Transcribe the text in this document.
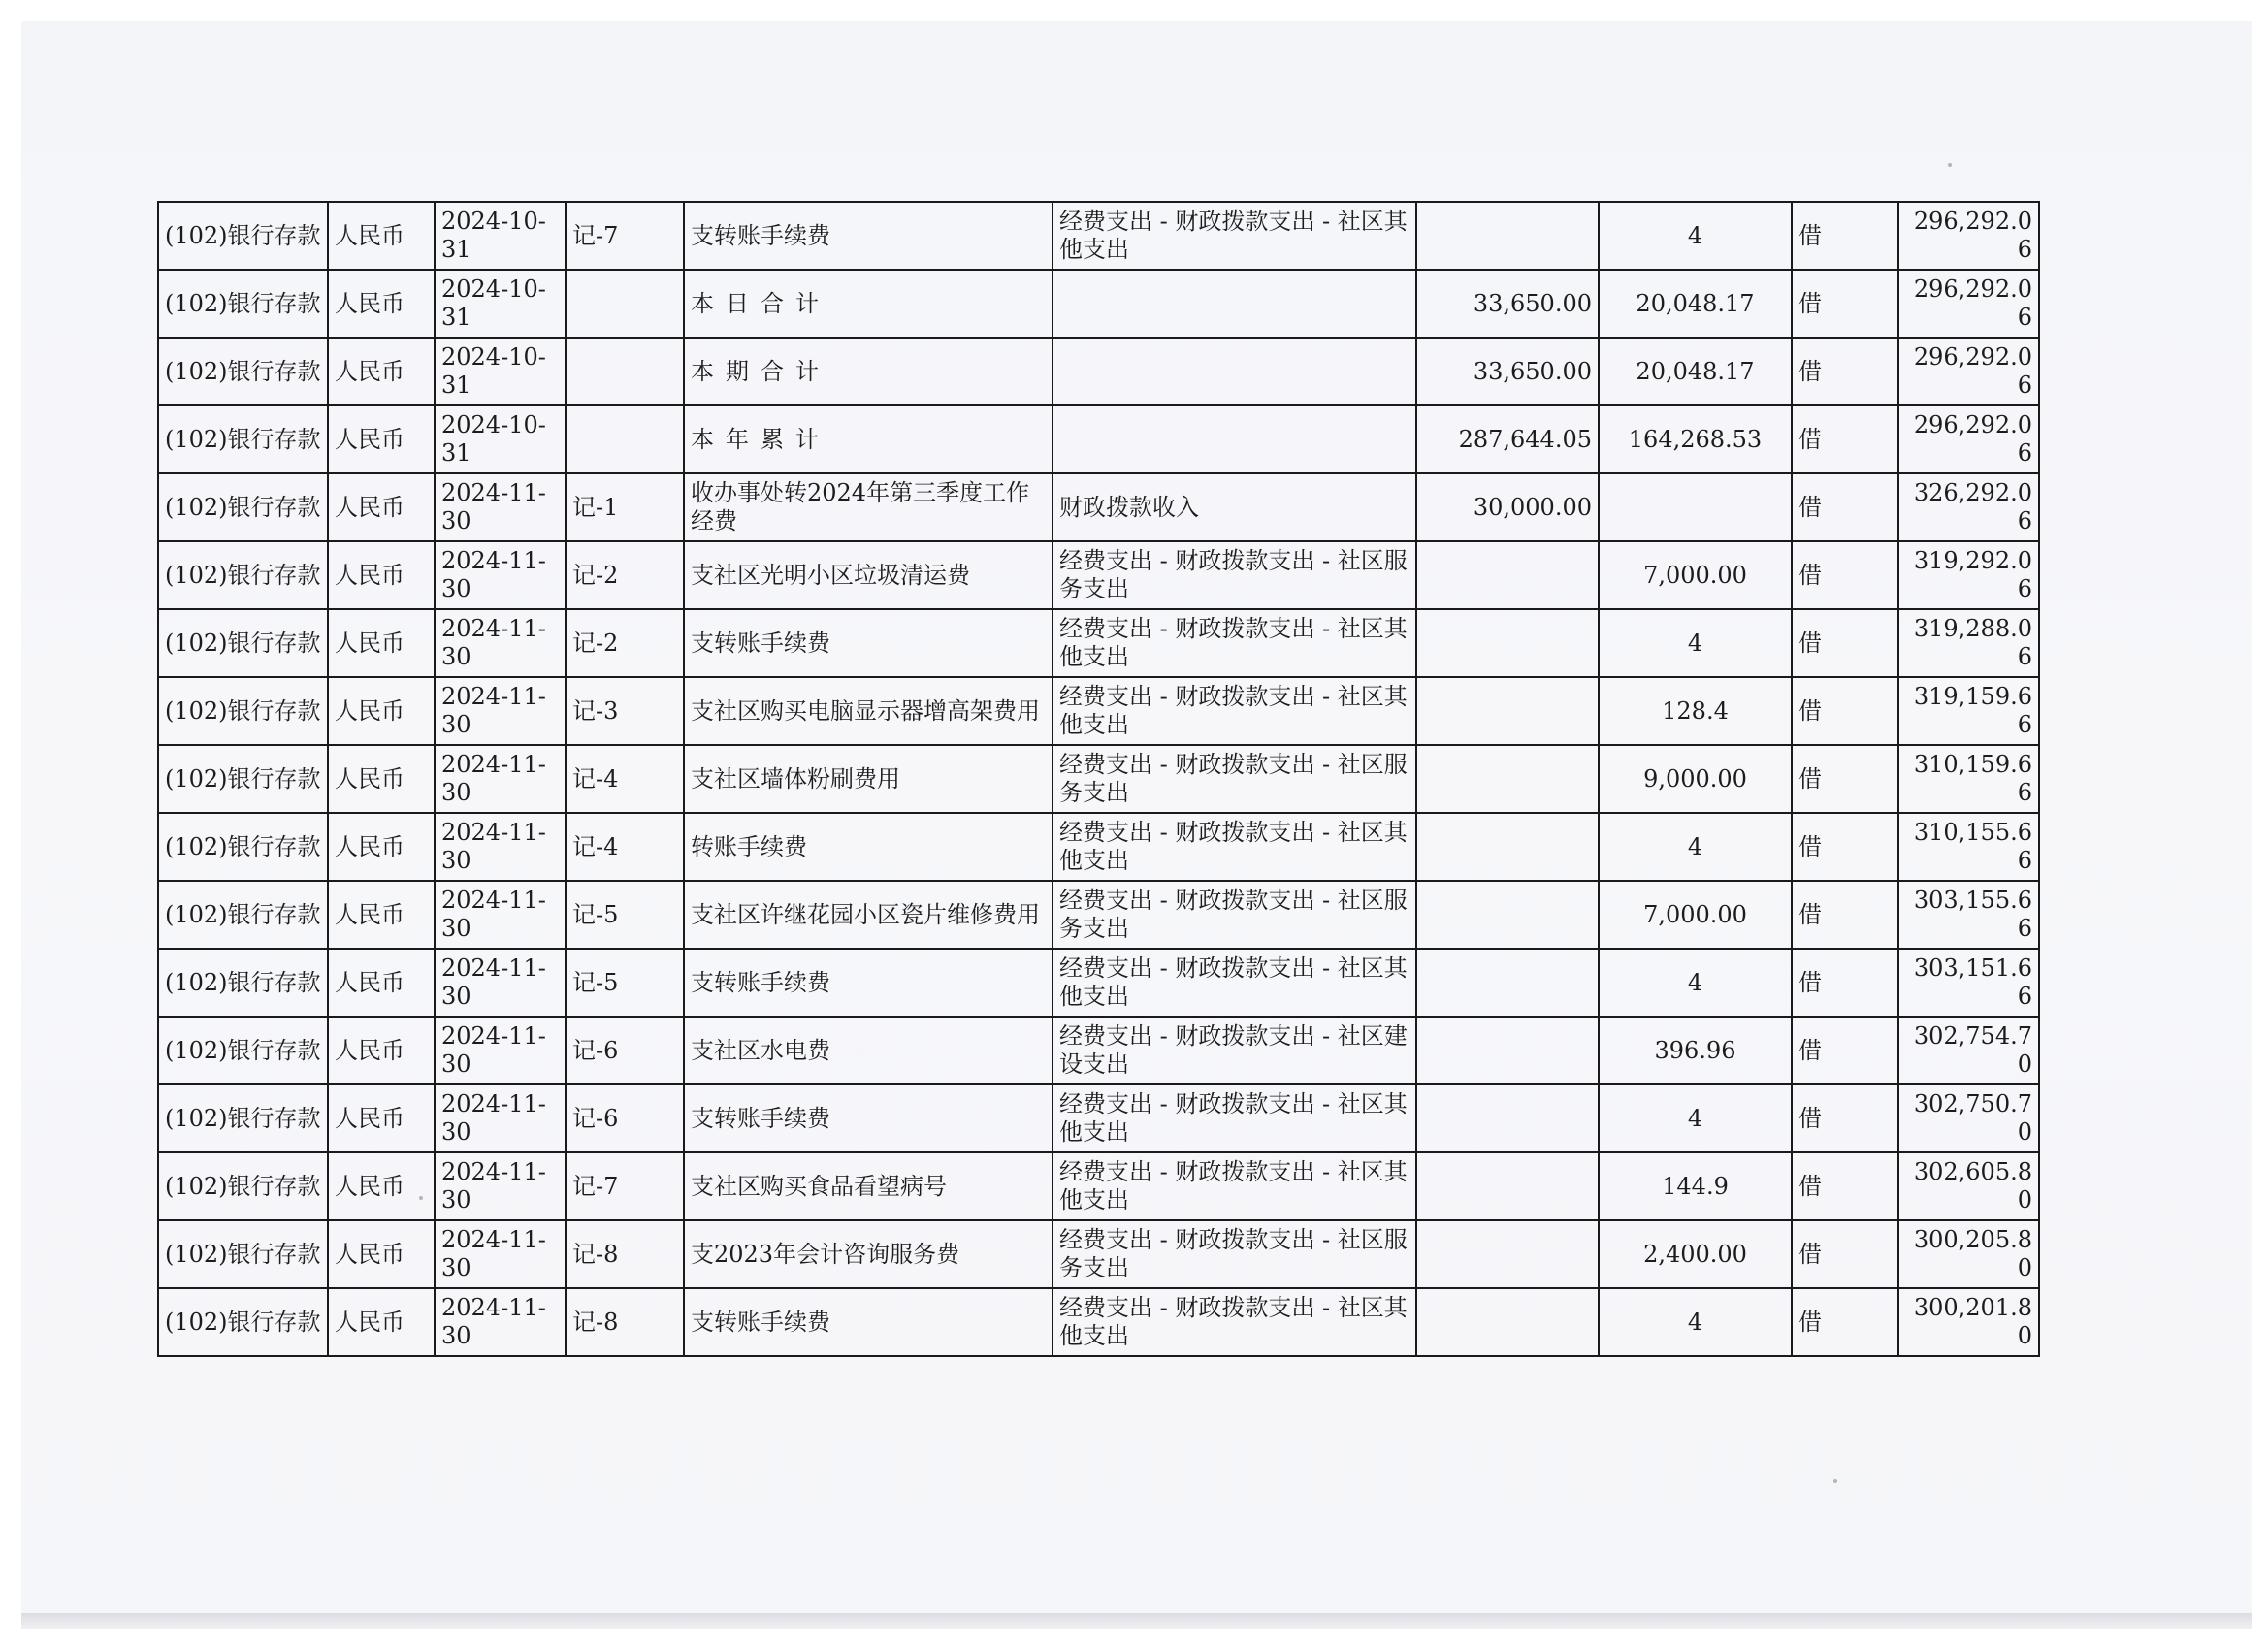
(102)银行存款	人民币	2024-10-31	记-7	支转账手续费	经费支出 - 财政拨款支出 - 社区其他支出		4	借	296,292.06
(102)银行存款	人民币	2024-10-31		本日合计		33,650.00	20,048.17	借	296,292.06
(102)银行存款	人民币	2024-10-31		本期合计		33,650.00	20,048.17	借	296,292.06
(102)银行存款	人民币	2024-10-31		本年累计		287,644.05	164,268.53	借	296,292.06
(102)银行存款	人民币	2024-11-30	记-1	收办事处转2024年第三季度工作经费	财政拨款收入	30,000.00		借	326,292.06
(102)银行存款	人民币	2024-11-30	记-2	支社区光明小区垃圾清运费	经费支出 - 财政拨款支出 - 社区服务支出		7,000.00	借	319,292.06
(102)银行存款	人民币	2024-11-30	记-2	支转账手续费	经费支出 - 财政拨款支出 - 社区其他支出		4	借	319,288.06
(102)银行存款	人民币	2024-11-30	记-3	支社区购买电脑显示器增高架费用	经费支出 - 财政拨款支出 - 社区其他支出		128.4	借	319,159.66
(102)银行存款	人民币	2024-11-30	记-4	支社区墙体粉刷费用	经费支出 - 财政拨款支出 - 社区服务支出		9,000.00	借	310,159.66
(102)银行存款	人民币	2024-11-30	记-4	转账手续费	经费支出 - 财政拨款支出 - 社区其他支出		4	借	310,155.66
(102)银行存款	人民币	2024-11-30	记-5	支社区许继花园小区瓷片维修费用	经费支出 - 财政拨款支出 - 社区服务支出		7,000.00	借	303,155.66
(102)银行存款	人民币	2024-11-30	记-5	支转账手续费	经费支出 - 财政拨款支出 - 社区其他支出		4	借	303,151.66
(102)银行存款	人民币	2024-11-30	记-6	支社区水电费	经费支出 - 财政拨款支出 - 社区建设支出		396.96	借	302,754.70
(102)银行存款	人民币	2024-11-30	记-6	支转账手续费	经费支出 - 财政拨款支出 - 社区其他支出		4	借	302,750.70
(102)银行存款	人民币	2024-11-30	记-7	支社区购买食品看望病号	经费支出 - 财政拨款支出 - 社区其他支出		144.9	借	302,605.80
(102)银行存款	人民币	2024-11-30	记-8	支2023年会计咨询服务费	经费支出 - 财政拨款支出 - 社区服务支出		2,400.00	借	300,205.80
(102)银行存款	人民币	2024-11-30	记-8	支转账手续费	经费支出 - 财政拨款支出 - 社区其他支出		4	借	300,201.80
